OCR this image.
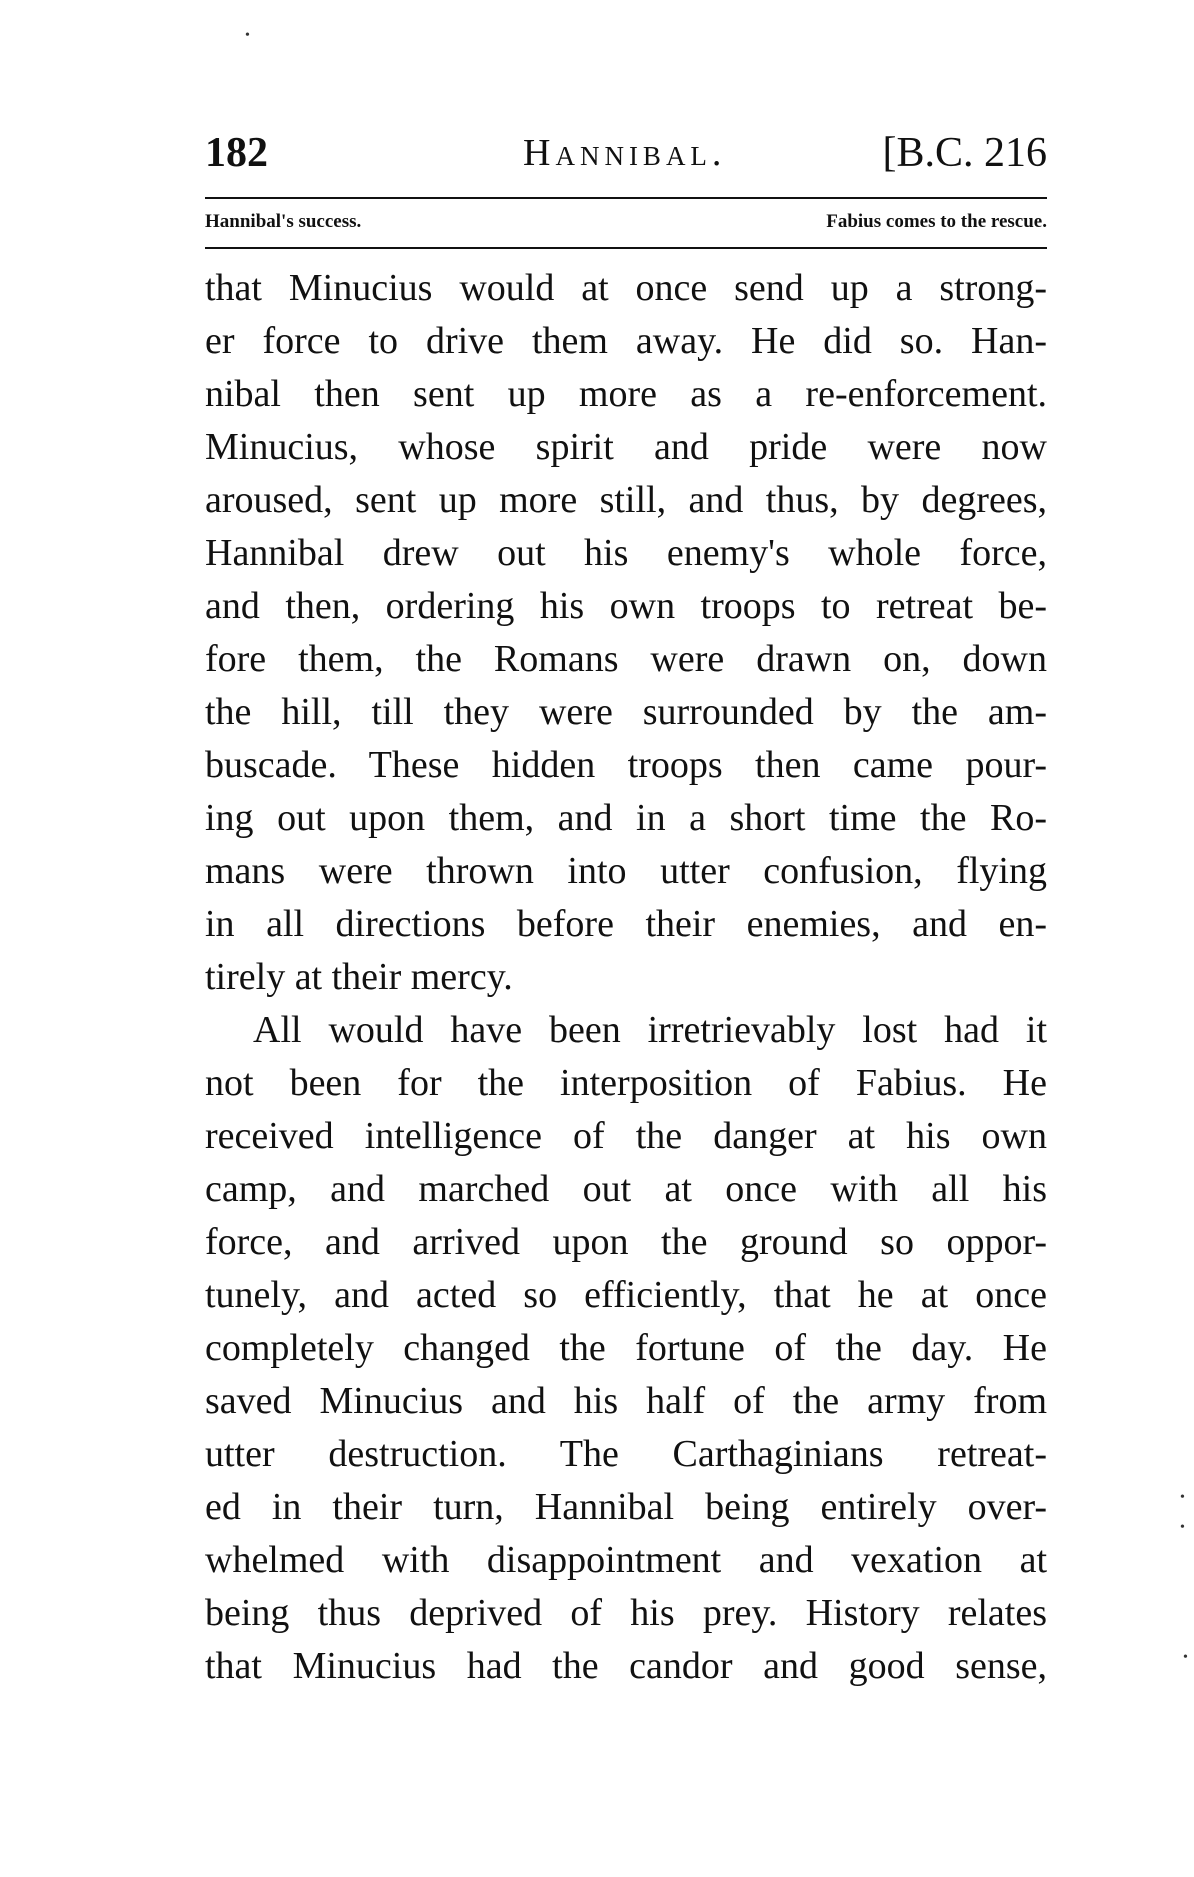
•
182	Hannibal.	[B.C. 216
Hannibal's success.	Fabius comes to the rescue.
that Minucius would at once send up a strong-
er force to drive them away. He did so. Han-
nibal then sent up more as a re-enforcement.
Minucius, whose spirit and pride were now
aroused, sent up more still, and thus, by degrees,
Hannibal drew out his enemy's whole force,
and then, ordering his own troops to retreat be-
fore them, the Romans were drawn on, down
the hill, till they were surrounded by the am-
buscade. These hidden troops then came pour-
ing out upon them, and in a short time the Ro-
mans were thrown into utter confusion, flying
in all directions before their enemies, and en-
tirely at their mercy.
All would have been irretrievably lost had it
not been for the interposition of Fabius. He
received intelligence of the danger at his own
camp, and marched out at once with all his
force, and arrived upon the ground so oppor-
tunely, and acted so efficiently, that he at once
completely changed the fortune of the day. He
saved Minucius and his half of the army from
utter destruction. The Carthaginians retreat-
ed in their turn, Hannibal being entirely over-
whelmed with disappointment and vexation at
being thus deprived of his prey. History relates
that Minucius had the candor and good sense,
•
•
•
